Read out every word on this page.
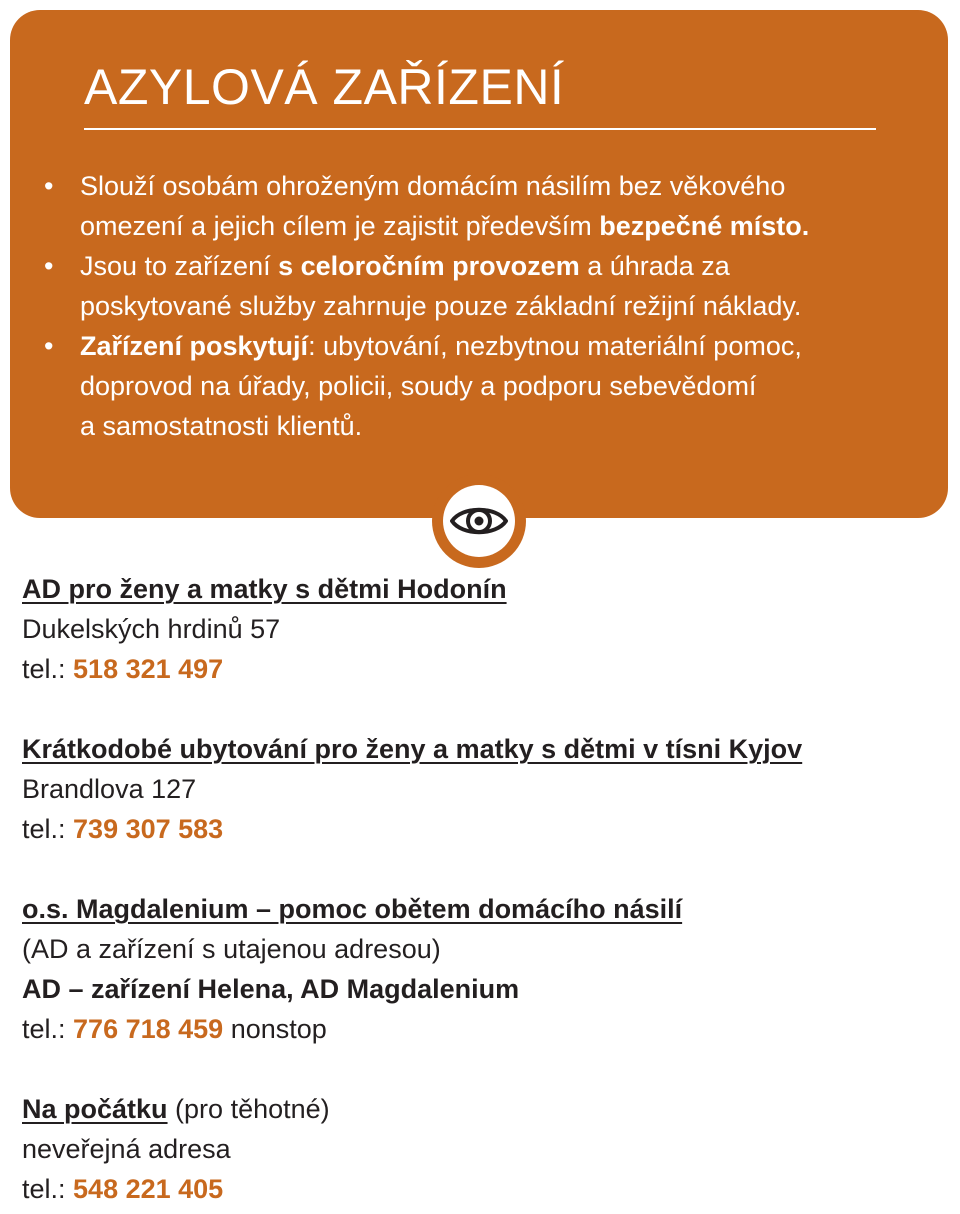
AZYLOVÁ ZAŘÍZENÍ
• Slouží osobám ohroženým domácím násilím bez věkového
omezení a jejich cílem je zajistit především bezpečné místo.
• Jsou to zařízení s celoročním provozem a úhrada za
poskytované služby zahrnuje pouze základní režijní náklady.
• Zařízení poskytují: ubytování, nezbytnou materiální pomoc,
doprovod na úřady, policii, soudy a podporu sebevědomí
a samostatnosti klientů.
AD pro ženy a matky s dětmi Hodonín
Dukelských hrdinů 57
tel.: 518 321 497
Krátkodobé ubytování pro ženy a matky s dětmi v tísni Kyjov
Brandlova 127
tel.: 739 307 583
o.s. Magdalenium – pomoc obětem domácího násilí
(AD a zařízení s utajenou adresou)
AD – zařízení Helena, AD Magdalenium
tel.: 776 718 459 nonstop
Na počátku (pro těhotné)
neveřejná adresa
tel.: 548 221 405
